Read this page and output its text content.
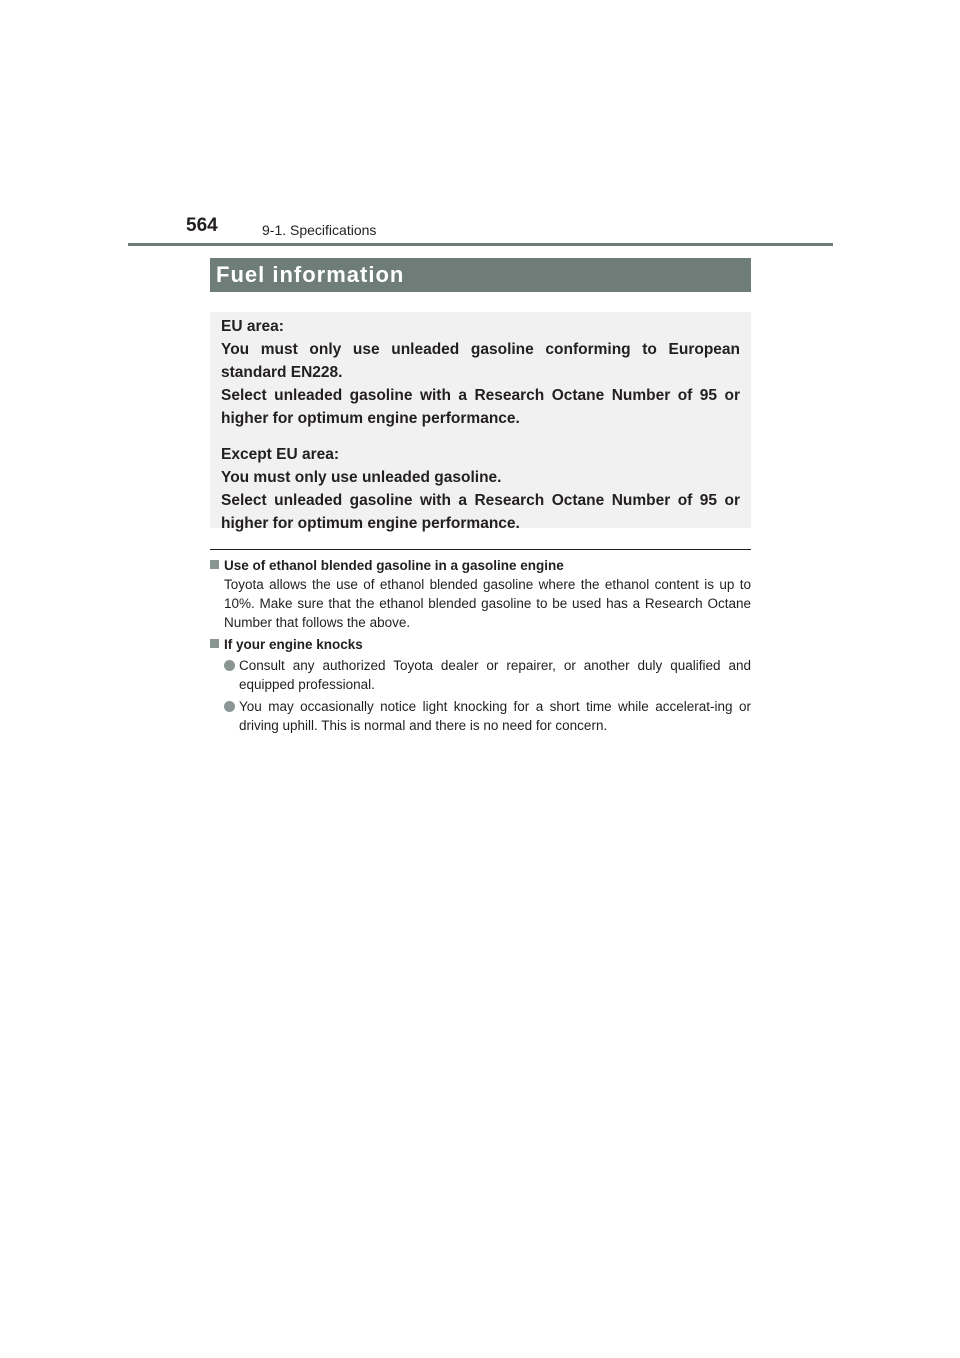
564	9-1. Specifications
Fuel information

EU area:

You must only use unleaded gasoline conforming to European standard EN228.

Select unleaded gasoline with a Research Octane Number of 95 or higher for optimum engine performance.

Except EU area:

You must only use unleaded gasoline.

Select unleaded gasoline with a Research Octane Number of 95 or higher for optimum engine performance.

Use of ethanol blended gasoline in a gasoline engine
Toyota allows the use of ethanol blended gasoline where the ethanol content is up to 10%. Make sure that the ethanol blended gasoline to be used has a Research Octane Number that follows the above.
If your engine knocks
Consult any authorized Toyota dealer or repairer, or another duly qualified and equipped professional.
You may occasionally notice light knocking for a short time while accelerat-ing or driving uphill. This is normal and there is no need for concern.
